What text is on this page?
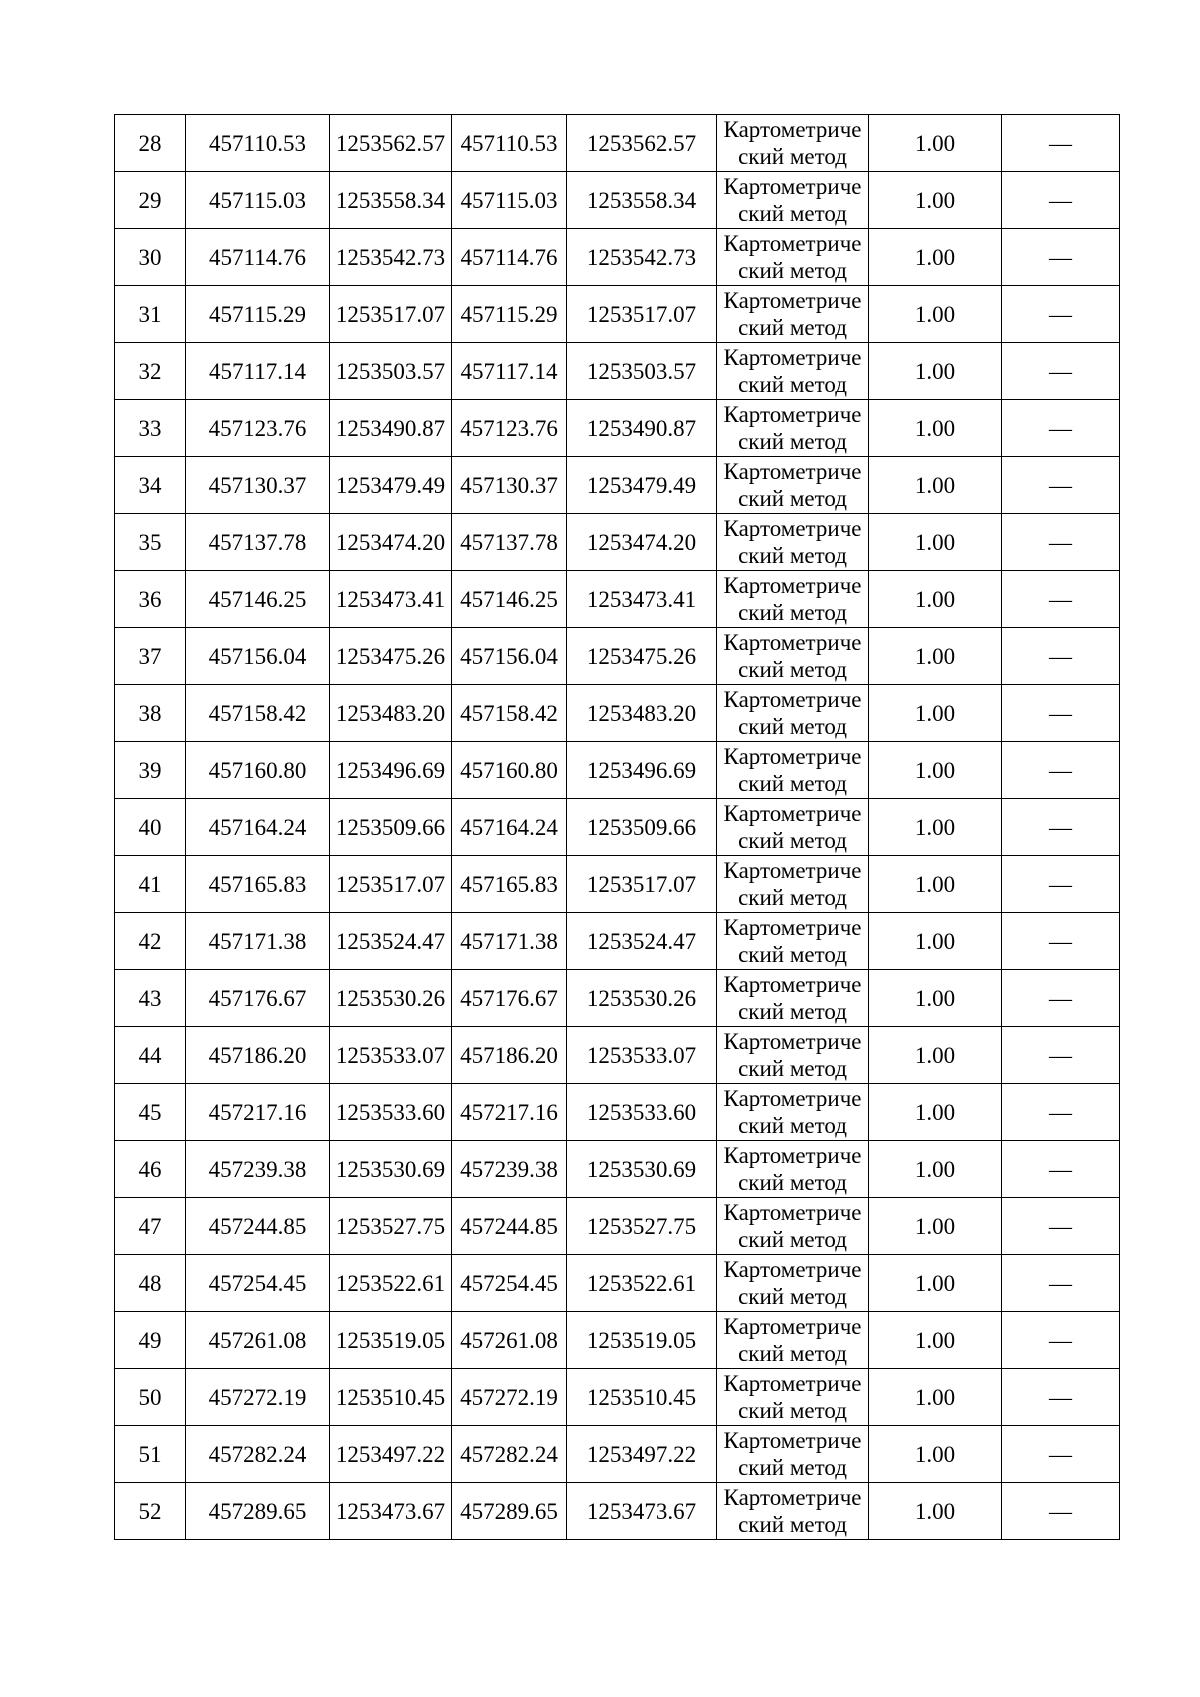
28	457110.53	1253562.57	457110.53	1253562.57	Картометриче
ский метод	1.00	—
29	457115.03	1253558.34	457115.03	1253558.34	Картометриче
ский метод	1.00	—
30	457114.76	1253542.73	457114.76	1253542.73	Картометриче
ский метод	1.00	—
31	457115.29	1253517.07	457115.29	1253517.07	Картометриче
ский метод	1.00	—
32	457117.14	1253503.57	457117.14	1253503.57	Картометриче
ский метод	1.00	—
33	457123.76	1253490.87	457123.76	1253490.87	Картометриче
ский метод	1.00	—
34	457130.37	1253479.49	457130.37	1253479.49	Картометриче
ский метод	1.00	—
35	457137.78	1253474.20	457137.78	1253474.20	Картометриче
ский метод	1.00	—
36	457146.25	1253473.41	457146.25	1253473.41	Картометриче
ский метод	1.00	—
37	457156.04	1253475.26	457156.04	1253475.26	Картометриче
ский метод	1.00	—
38	457158.42	1253483.20	457158.42	1253483.20	Картометриче
ский метод	1.00	—
39	457160.80	1253496.69	457160.80	1253496.69	Картометриче
ский метод	1.00	—
40	457164.24	1253509.66	457164.24	1253509.66	Картометриче
ский метод	1.00	—
41	457165.83	1253517.07	457165.83	1253517.07	Картометриче
ский метод	1.00	—
42	457171.38	1253524.47	457171.38	1253524.47	Картометриче
ский метод	1.00	—
43	457176.67	1253530.26	457176.67	1253530.26	Картометриче
ский метод	1.00	—
44	457186.20	1253533.07	457186.20	1253533.07	Картометриче
ский метод	1.00	—
45	457217.16	1253533.60	457217.16	1253533.60	Картометриче
ский метод	1.00	—
46	457239.38	1253530.69	457239.38	1253530.69	Картометриче
ский метод	1.00	—
47	457244.85	1253527.75	457244.85	1253527.75	Картометриче
ский метод	1.00	—
48	457254.45	1253522.61	457254.45	1253522.61	Картометриче
ский метод	1.00	—
49	457261.08	1253519.05	457261.08	1253519.05	Картометриче
ский метод	1.00	—
50	457272.19	1253510.45	457272.19	1253510.45	Картометриче
ский метод	1.00	—
51	457282.24	1253497.22	457282.24	1253497.22	Картометриче
ский метод	1.00	—
52	457289.65	1253473.67	457289.65	1253473.67	Картометриче
ский метод	1.00	—
